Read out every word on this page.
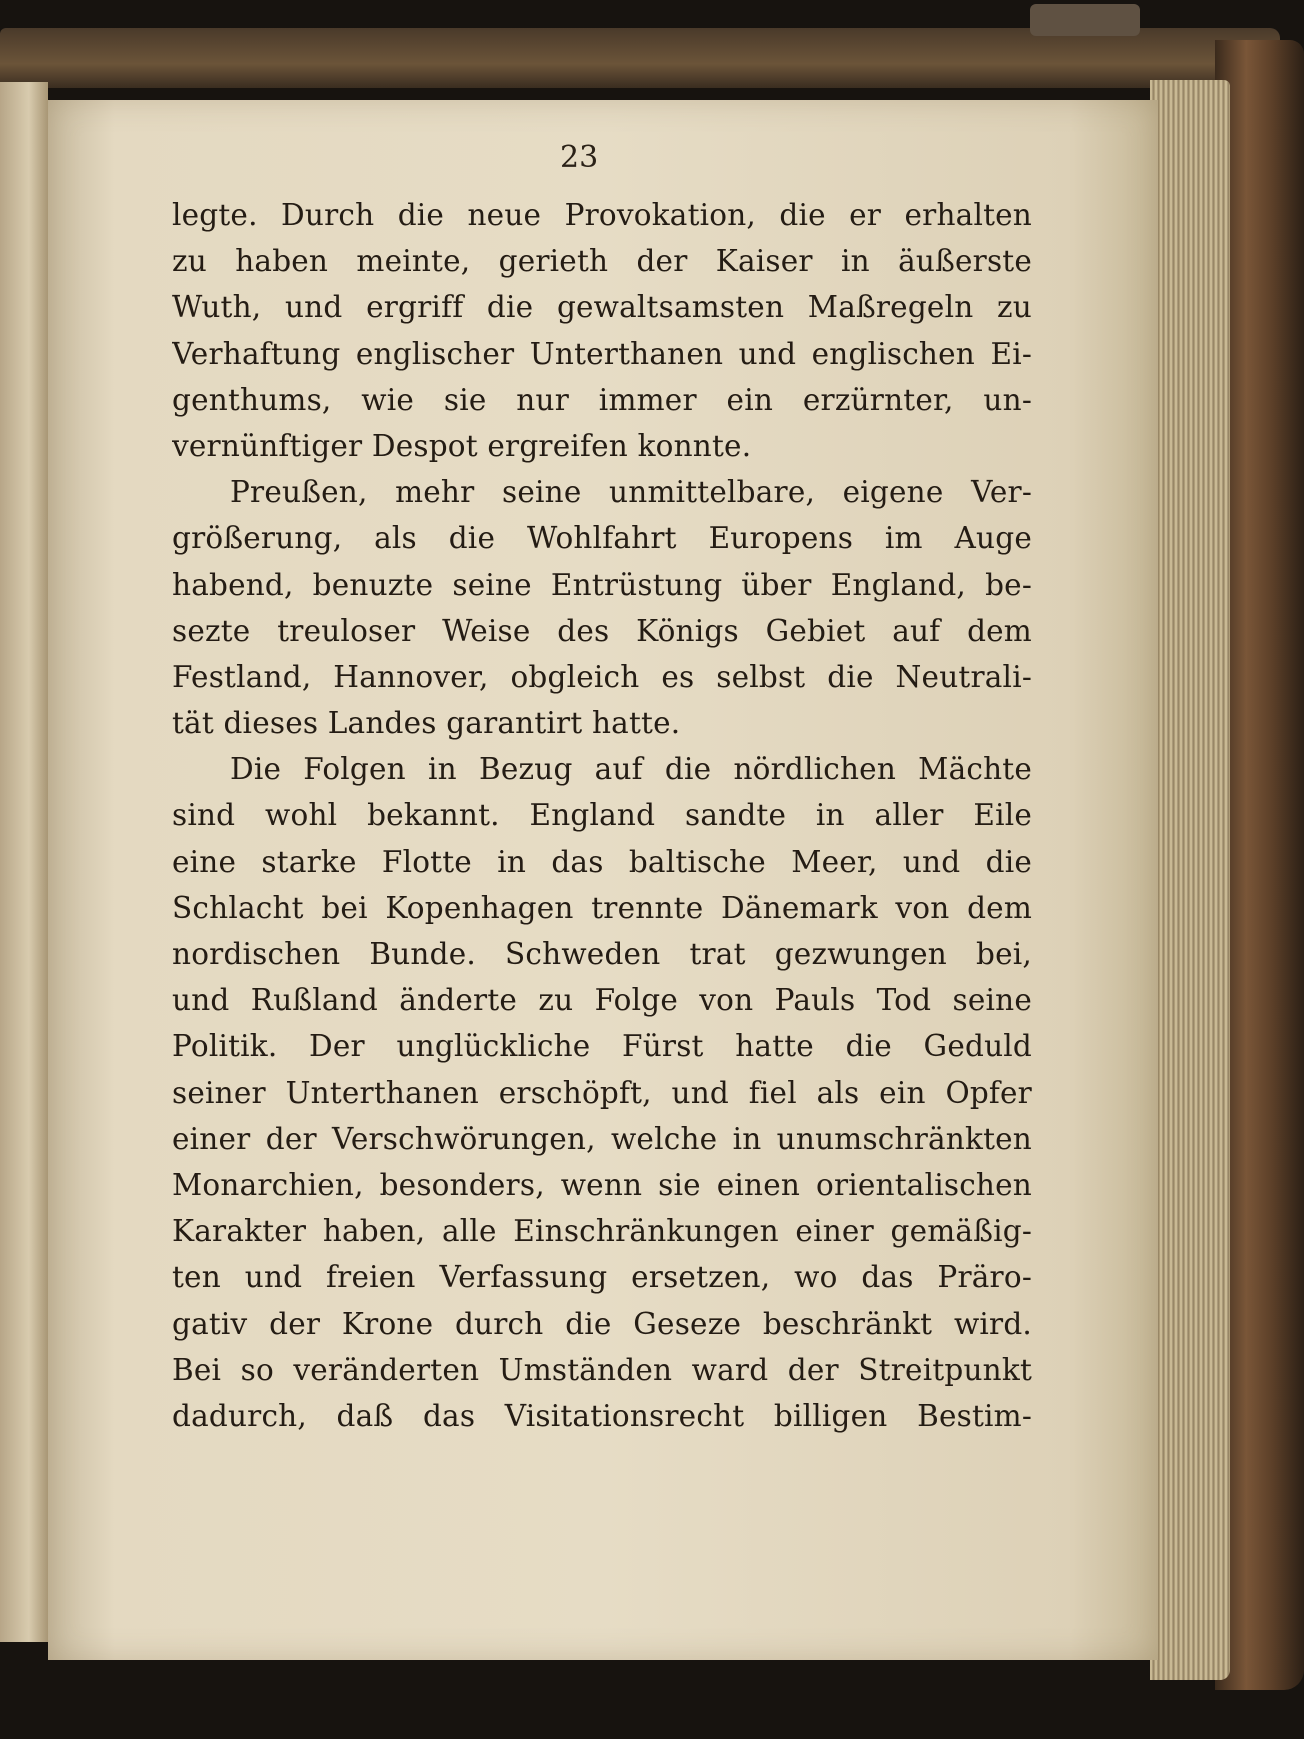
23
legte. Durch die neue Provokation, die er erhalten
zu haben meinte, gerieth der Kaiser in äußerste
Wuth, und ergriff die gewaltsamsten Maßregeln zu
Verhaftung englischer Unterthanen und englischen Ei-
genthums, wie sie nur immer ein erzürnter, un-
vernünftiger Despot ergreifen konnte.
Preußen, mehr seine unmittelbare, eigene Ver-
größerung, als die Wohlfahrt Europens im Auge
habend, benuzte seine Entrüstung über England, be-
sezte treuloser Weise des Königs Gebiet auf dem
Festland, Hannover, obgleich es selbst die Neutrali-
tät dieses Landes garantirt hatte.
Die Folgen in Bezug auf die nördlichen Mächte
sind wohl bekannt. England sandte in aller Eile
eine starke Flotte in das baltische Meer, und die
Schlacht bei Kopenhagen trennte Dänemark von dem
nordischen Bunde. Schweden trat gezwungen bei,
und Rußland änderte zu Folge von Pauls Tod seine
Politik. Der unglückliche Fürst hatte die Geduld
seiner Unterthanen erschöpft, und fiel als ein Opfer
einer der Verschwörungen, welche in unumschränkten
Monarchien, besonders, wenn sie einen orientalischen
Karakter haben, alle Einschränkungen einer gemäßig-
ten und freien Verfassung ersetzen, wo das Präro-
gativ der Krone durch die Geseze beschränkt wird.
Bei so veränderten Umständen ward der Streitpunkt
dadurch, daß das Visitationsrecht billigen Bestim-
